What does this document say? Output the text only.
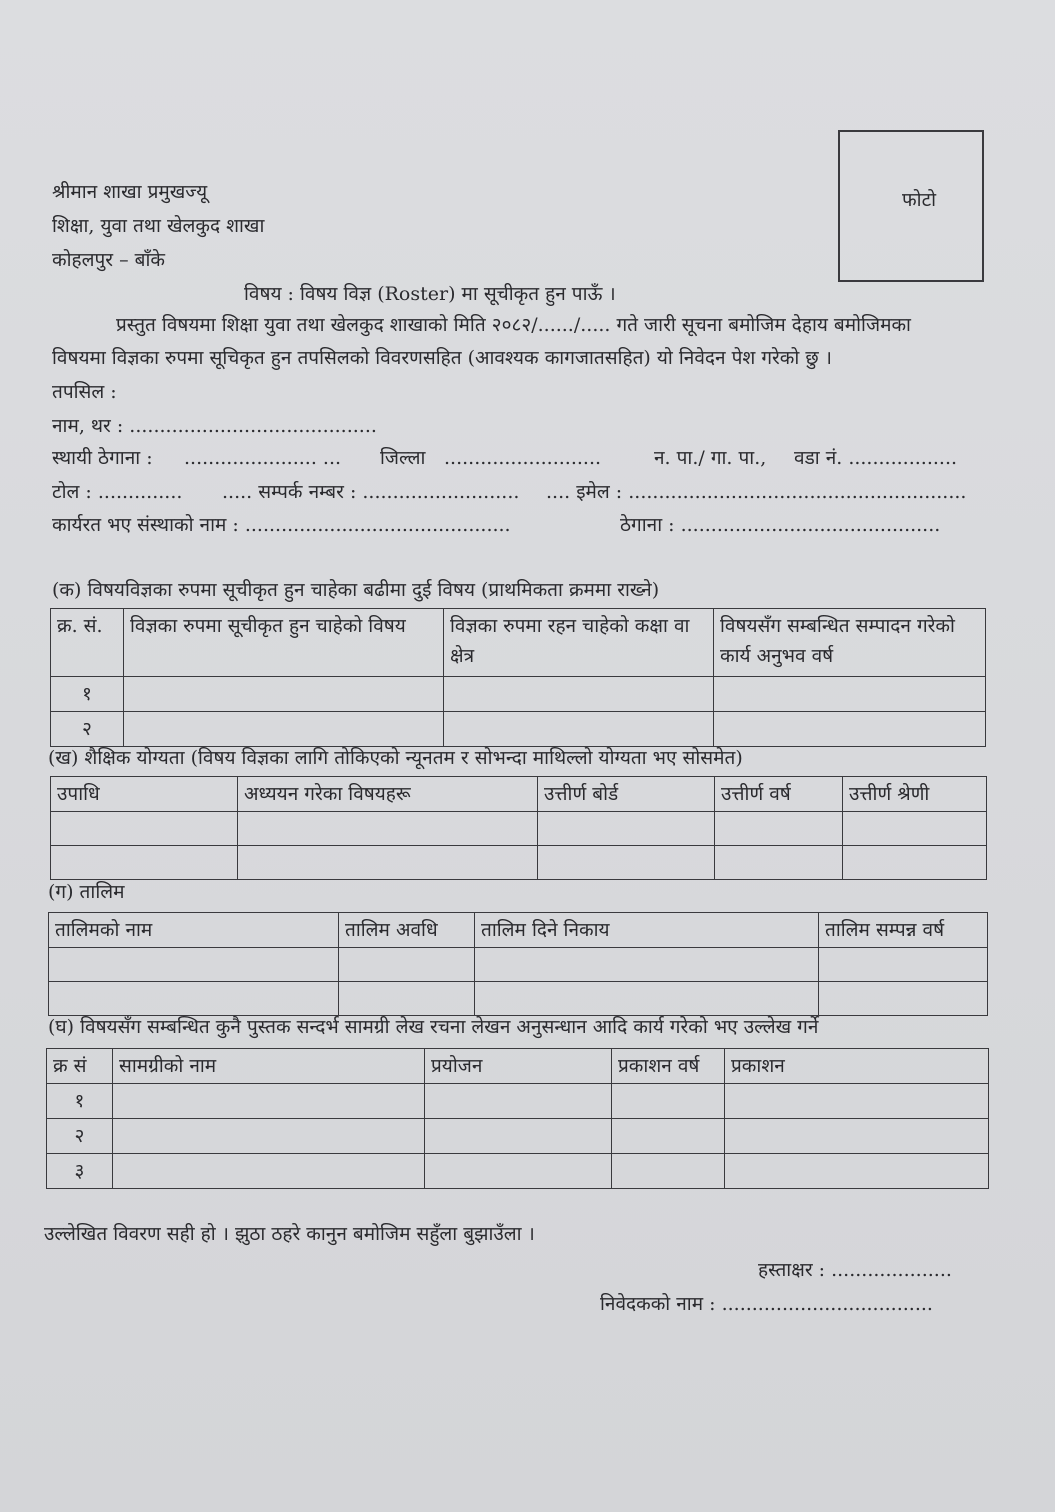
फोटो
श्रीमान शाखा प्रमुखज्यू
शिक्षा, युवा तथा खेलकुद शाखा
कोहलपुर – बाँके
विषय : विषय विज्ञ (Roster) मा सूचीकृत हुन पाऊँ ।
प्रस्तुत विषयमा शिक्षा युवा तथा खेलकुद शाखाको मिति २०८२/....../..... गते जारी सूचना बमोजिम देहाय बमोजिमका
विषयमा विज्ञका रुपमा सूचिकृत हुन तपसिलको विवरणसहित (आवश्यक कागजातसहित) यो निवेदन पेश गरेको छु ।
तपसिल :
नाम, थर : .........................................
स्थायी ठेगाना : ...................... ... जिल्ला ..........................	न. पा./ गा. पा., वडा नं. ..................
टोल : .............. ..... सम्पर्क नम्बर : .......................... .... इमेल : ........................................................
कार्यरत भए संस्थाको नाम : ............................................	ठेगाना : ...........................................
(क) विषयविज्ञका रुपमा सूचीकृत हुन चाहेका बढीमा दुई विषय (प्राथमिकता क्रममा राख्ने)
क्र. सं.	विज्ञका रुपमा सूचीकृत हुन चाहेको विषय	विज्ञका रुपमा रहन चाहेको कक्षा वा क्षेत्र	विषयसँग सम्बन्धित सम्पादन गरेको कार्य अनुभव वर्ष
१			
२			
(ख) शैक्षिक योग्यता (विषय विज्ञका लागि तोकिएको न्यूनतम र सोभन्दा माथिल्लो योग्यता भए सोसमेत)
उपाधि	अध्ययन गरेका विषयहरू	उत्तीर्ण बोर्ड	उत्तीर्ण वर्ष	उत्तीर्ण श्रेणी

(ग) तालिम
तालिमको नाम	तालिम अवधि	तालिम दिने निकाय	तालिम सम्पन्न वर्ष

(घ) विषयसँग सम्बन्धित कुनै पुस्तक सन्दर्भ सामग्री लेख रचना लेखन अनुसन्धान आदि कार्य गरेको भए उल्लेख गर्ने
क्र सं	सामग्रीको नाम	प्रयोजन	प्रकाशन वर्ष	प्रकाशन
१				
२				
३				
उल्लेखित विवरण सही हो । झुठा ठहरे कानुन बमोजिम सहुँला बुझाउँला ।
हस्ताक्षर : ....................
निवेदकको नाम : ...................................
